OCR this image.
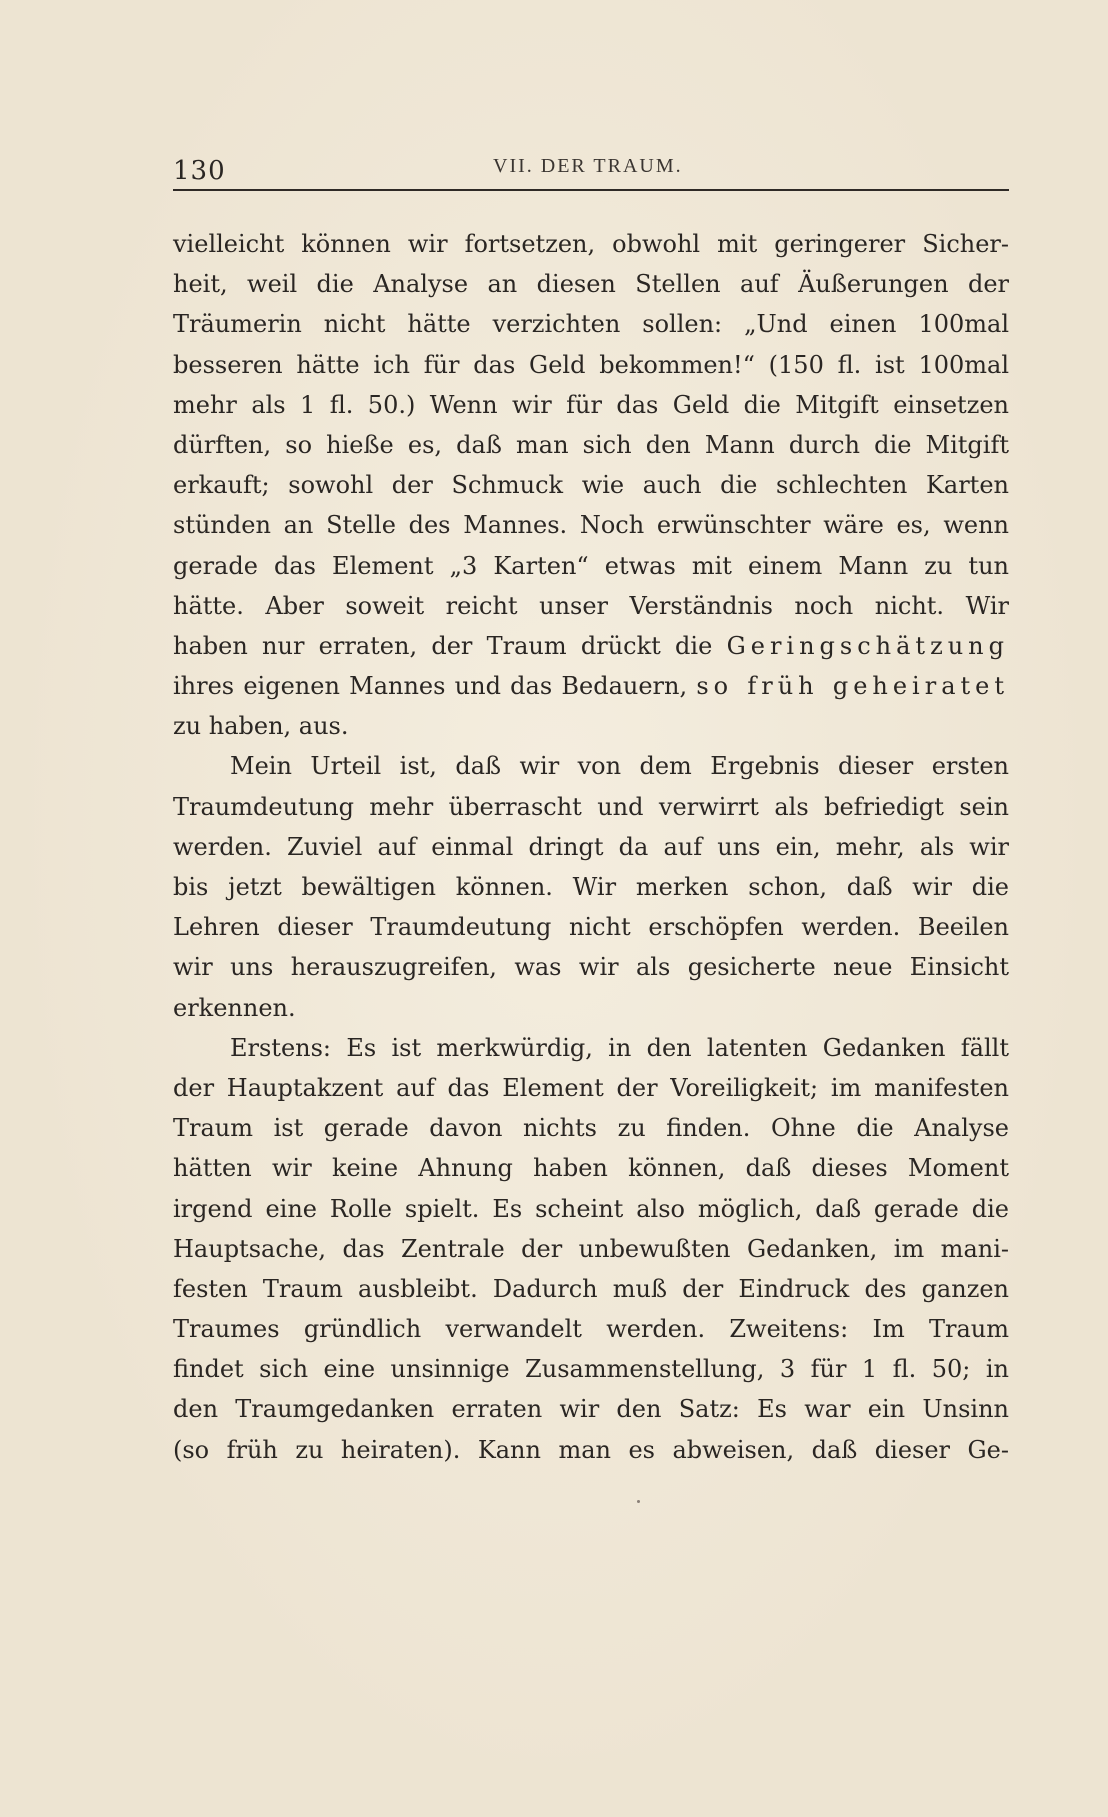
130	VII. DER TRAUM.
vielleicht können wir fortsetzen, obwohl mit geringerer Sicher-
heit, weil die Analyse an diesen Stellen auf Äußerungen der
Träumerin nicht hätte verzichten sollen: „Und einen 100mal
besseren hätte ich für das Geld bekommen!“ (150 fl. ist 100mal
mehr als 1 fl. 50.) Wenn wir für das Geld die Mitgift einsetzen
dürften, so hieße es, daß man sich den Mann durch die Mitgift
erkauft; sowohl der Schmuck wie auch die schlechten Karten
stünden an Stelle des Mannes. Noch erwünschter wäre es, wenn
gerade das Element „3 Karten“ etwas mit einem Mann zu tun
hätte. Aber soweit reicht unser Verständnis noch nicht. Wir
haben nur erraten, der Traum drückt die Geringschätzung
ihres eigenen Mannes und das Bedauern, so früh geheiratet
zu haben, aus.
Mein Urteil ist, daß wir von dem Ergebnis dieser ersten
Traumdeutung mehr überrascht und verwirrt als befriedigt sein
werden. Zuviel auf einmal dringt da auf uns ein, mehr, als wir
bis jetzt bewältigen können. Wir merken schon, daß wir die
Lehren dieser Traumdeutung nicht erschöpfen werden. Beeilen
wir uns herauszugreifen, was wir als gesicherte neue Einsicht
erkennen.
Erstens: Es ist merkwürdig, in den latenten Gedanken fällt
der Hauptakzent auf das Element der Voreiligkeit; im manifesten
Traum ist gerade davon nichts zu finden. Ohne die Analyse
hätten wir keine Ahnung haben können, daß dieses Moment
irgend eine Rolle spielt. Es scheint also möglich, daß gerade die
Hauptsache, das Zentrale der unbewußten Gedanken, im mani-
festen Traum ausbleibt. Dadurch muß der Eindruck des ganzen
Traumes gründlich verwandelt werden. Zweitens: Im Traum
findet sich eine unsinnige Zusammenstellung, 3 für 1 fl. 50; in
den Traumgedanken erraten wir den Satz: Es war ein Unsinn
(so früh zu heiraten). Kann man es abweisen, daß dieser Ge-
